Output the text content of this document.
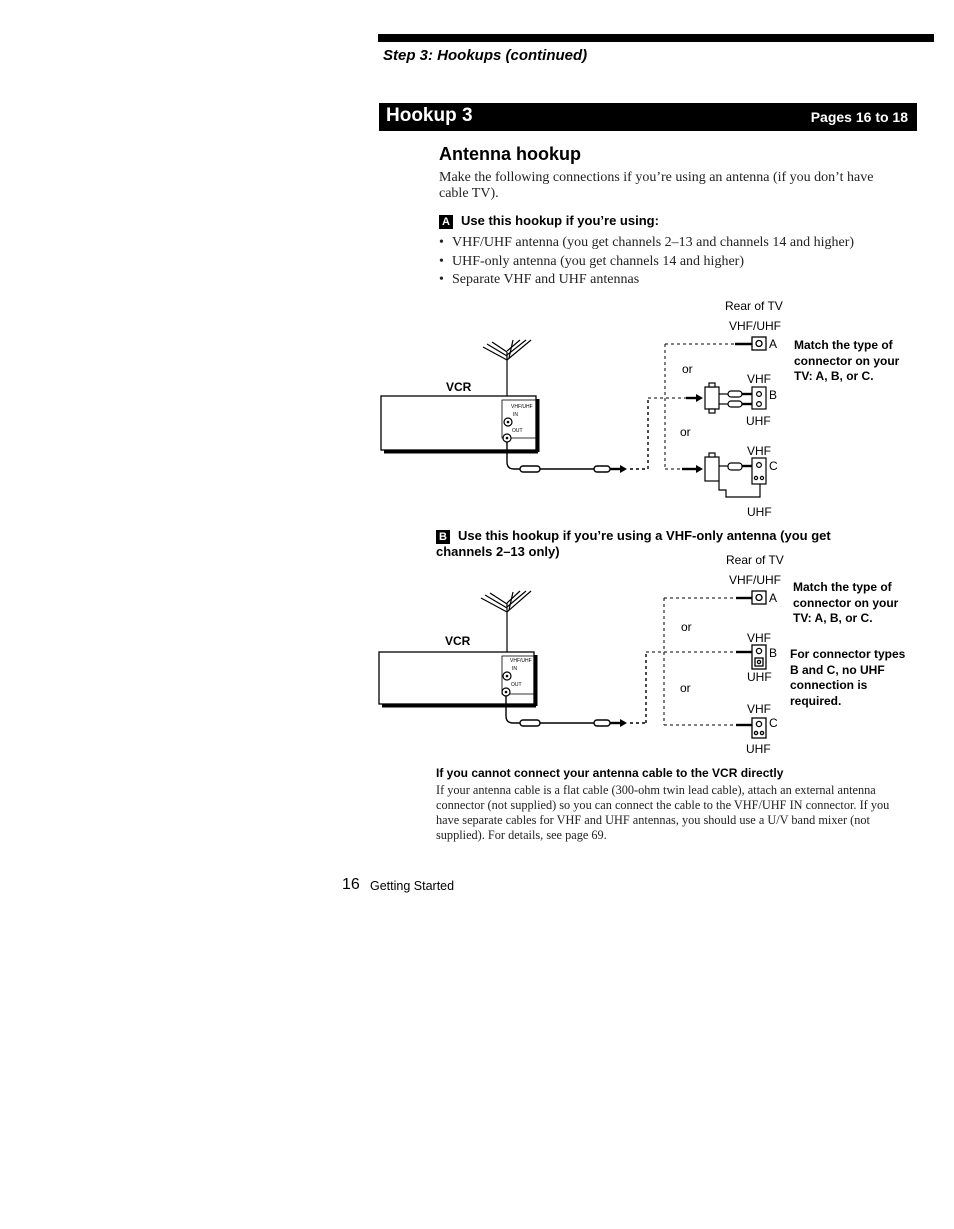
Step 3: Hookups (continued)
Hookup 3	Pages 16 to 18
Antenna hookup
Make the following connections if you’re using an antenna (if you don’t have cable TV).
A Use this hookup if you’re using:
• VHF/UHF antenna (you get channels 2–13 and channels 14 and higher)
• UHF-only antenna (you get channels 14 and higher)
• Separate VHF and UHF antennas
Rear of TV
VHF/UHF
VCR
or
or
VHF
UHF
VHF
UHF
A
B
C
VHF/UHF
IN
OUT
Match the type of connector on your TV: A, B, or C.
B Use this hookup if you’re using a VHF-only antenna (you get channels 2–13 only)
Rear of TV
VHF/UHF
VCR
or
or
VHF
UHF
VHF
UHF
A
B
C
VHF/UHF
IN
OUT
Match the type of connector on your TV: A, B, or C.
For connector types B and C, no UHF connection is required.
If you cannot connect your antenna cable to the VCR directly
If your antenna cable is a flat cable (300-ohm twin lead cable), attach an external antenna connector (not supplied) so you can connect the cable to the VHF/UHF IN connector. If you have separate cables for VHF and UHF antennas, you should use a U/V band mixer (not supplied). For details, see page 69.
16 Getting Started
